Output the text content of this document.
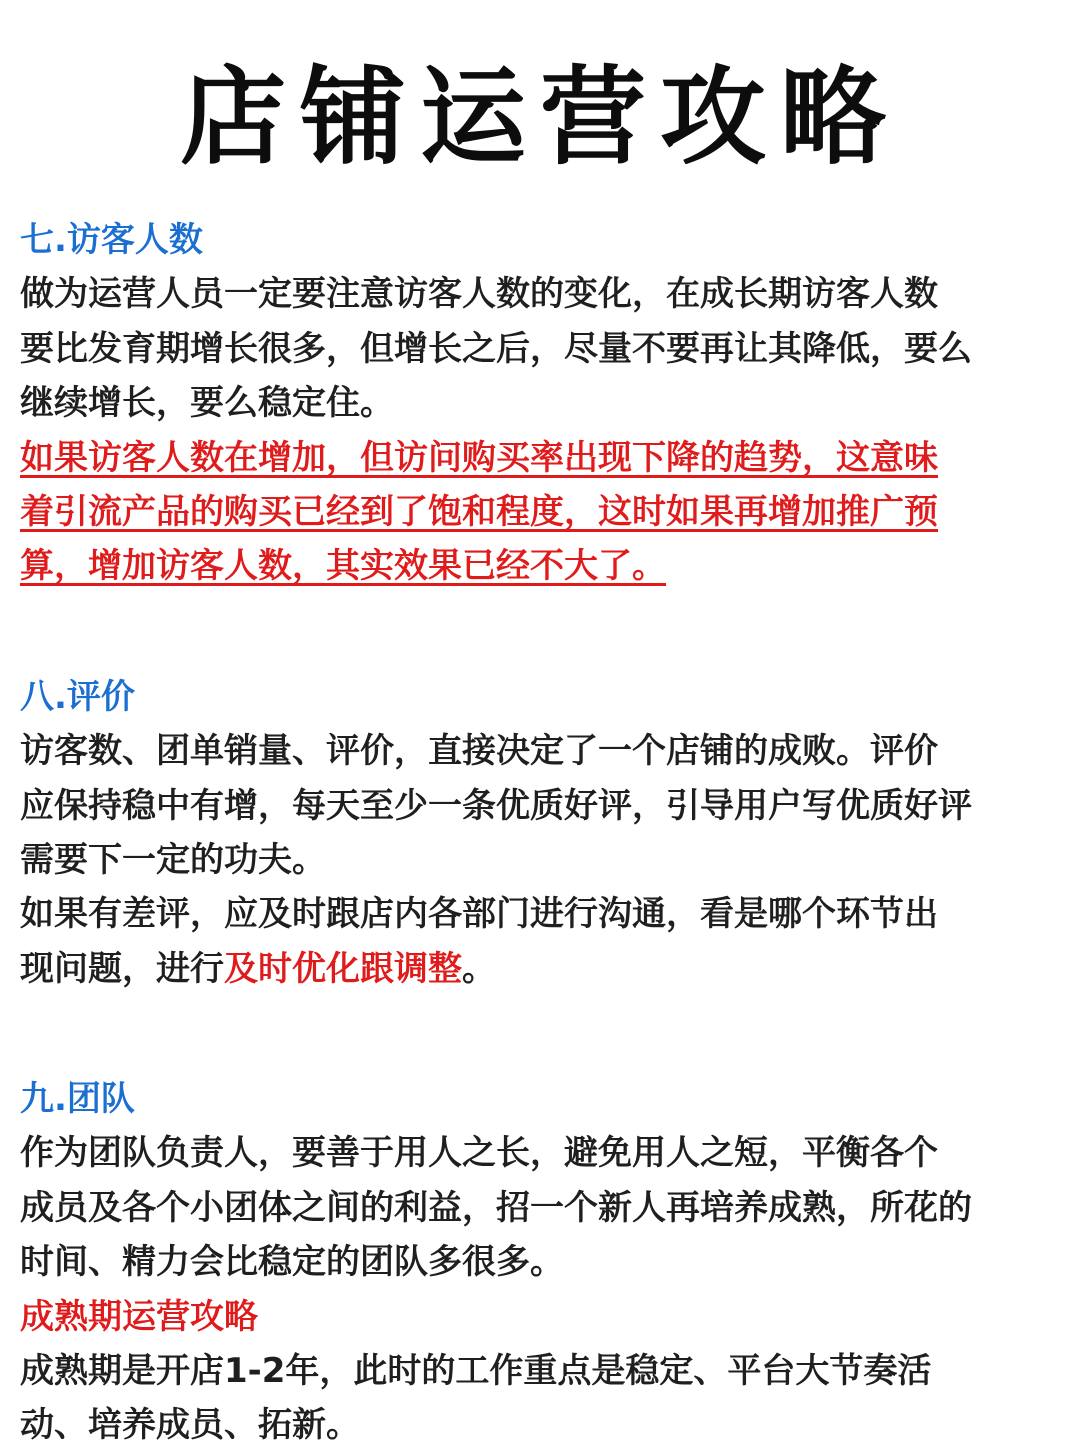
店铺运营攻略
七.访客人数
做为运营人员一定要注意访客人数的变化，在成长期访客人数
要比发育期增长很多，但增长之后，尽量不要再让其降低，要么
继续增长，要么稳定住。
如果访客人数在增加，但访问购买率出现下降的趋势，这意味
着引流产品的购买已经到了饱和程度，这时如果再增加推广预
算，增加访客人数，其实效果已经不大了。
八.评价
访客数、团单销量、评价，直接决定了一个店铺的成败。评价
应保持稳中有增，每天至少一条优质好评，引导用户写优质好评
需要下一定的功夫。
如果有差评，应及时跟店内各部门进行沟通，看是哪个环节出
现问题，进行及时优化跟调整。
九.团队
作为团队负责人，要善于用人之长，避免用人之短，平衡各个
成员及各个小团体之间的利益，招一个新人再培养成熟，所花的
时间、精力会比稳定的团队多很多。
成熟期运营攻略
成熟期是开店1-2年，此时的工作重点是稳定、平台大节奏活
动、培养成员、拓新。
